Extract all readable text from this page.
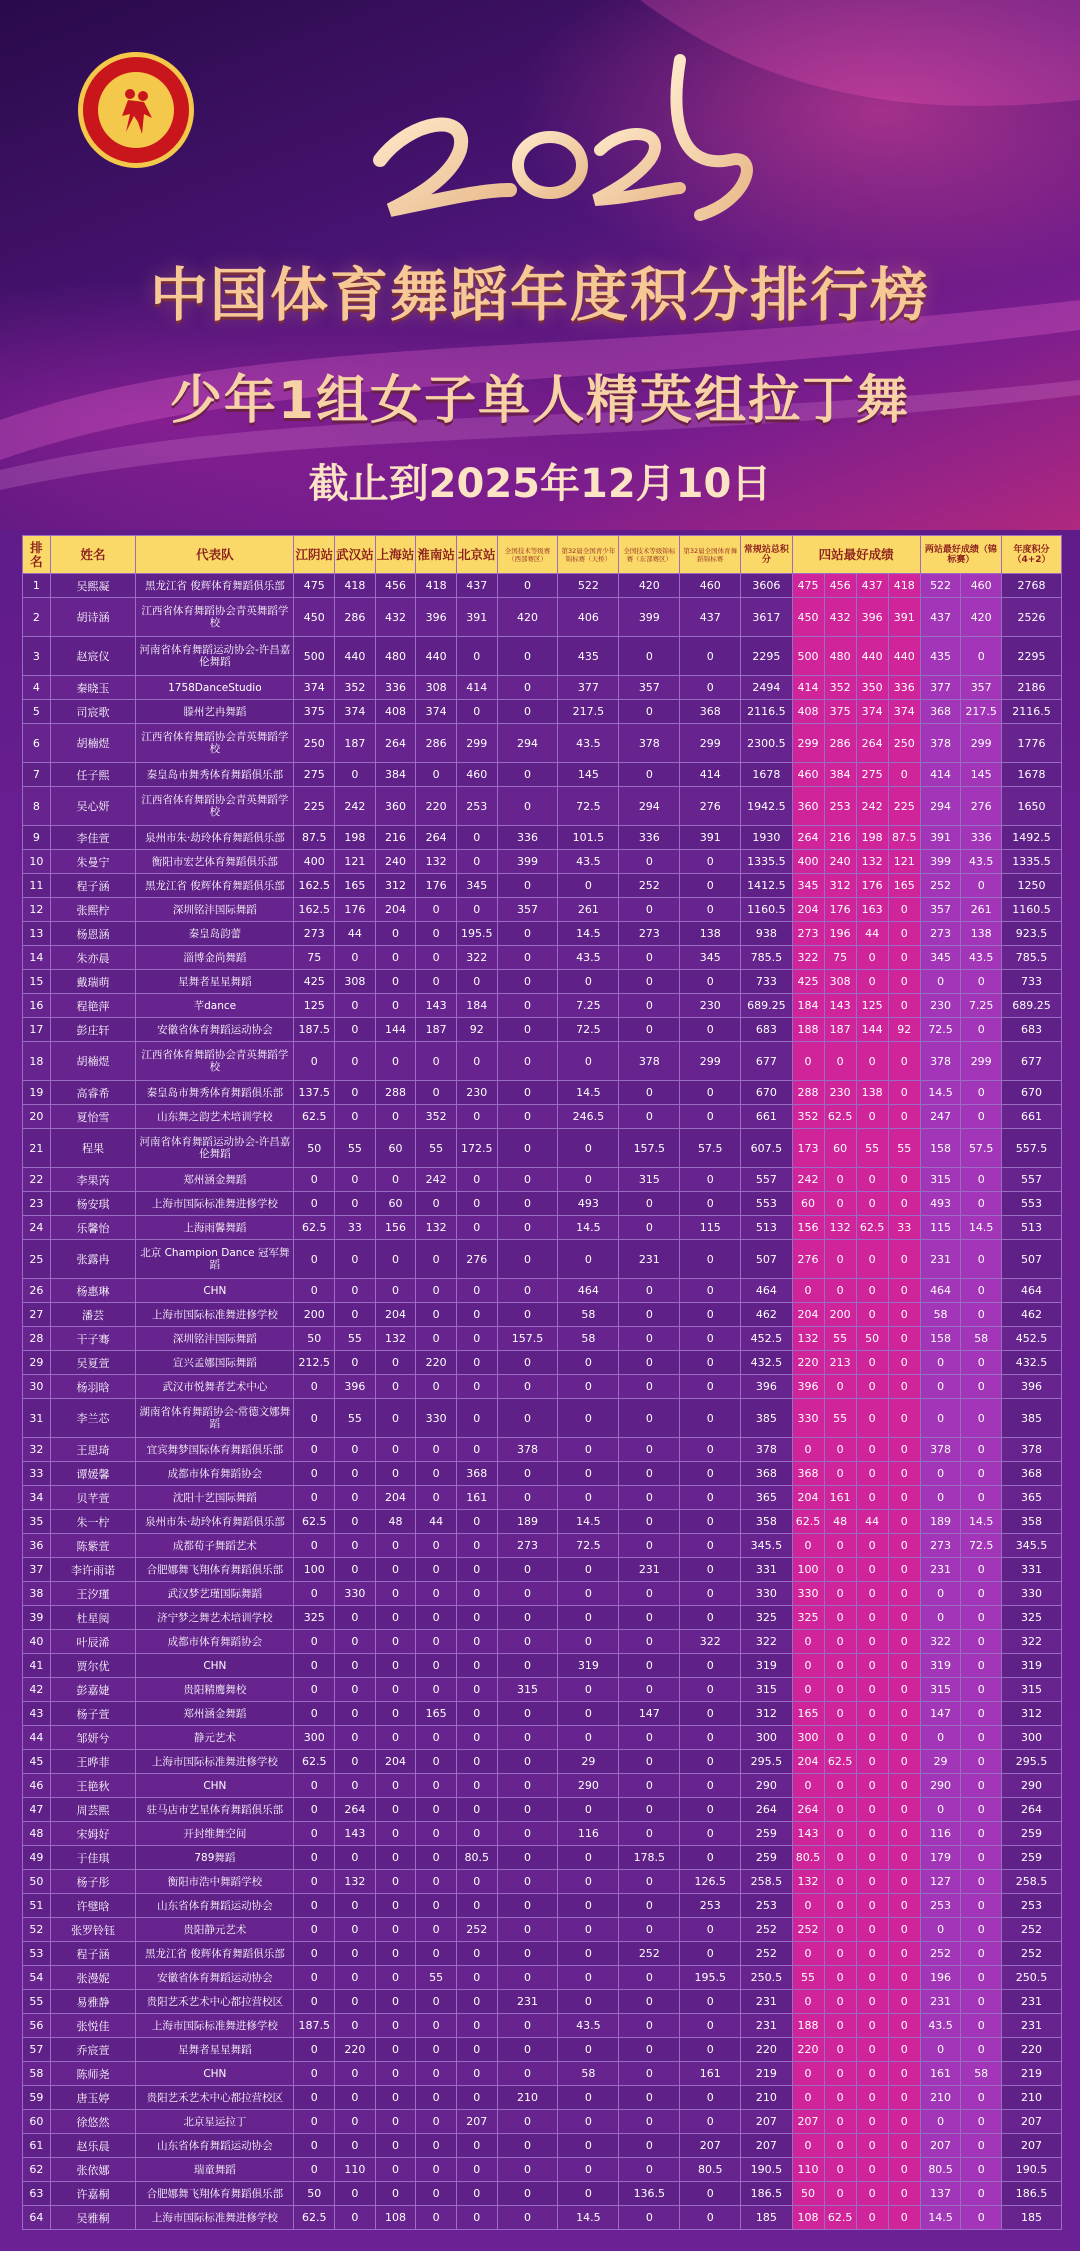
中国体育舞蹈年度积分排行榜
少年1组女子单人精英组拉丁舞
截止到2025年12月10日
排名	姓名	代表队	江阴站	武汉站	上海站	淮南站	北京站	全国技术等级赛（西部赛区）	第32届全国青少年锦标赛（天桥）	全国技术等级锦标赛（东部赛区）	第32届全国体育舞蹈锦标赛	常规站总积分	四站最好成绩				两站最好成绩（锦标赛）		年度积分（4+2）
1	吴熙凝	黑龙江省 俊辉体育舞蹈俱乐部	475	418	456	418	437	0	522	420	460	3606	475	456	437	418	522	460	2768
2	胡诗涵	江西省体育舞蹈协会青英舞蹈学校	450	286	432	396	391	420	406	399	437	3617	450	432	396	391	437	420	2526
3	赵宸仪	河南省体育舞蹈运动协会-许昌嘉伦舞蹈	500	440	480	440	0	0	435	0	0	2295	500	480	440	440	435	0	2295
4	秦晓玉	1758DanceStudio	374	352	336	308	414	0	377	357	0	2494	414	352	350	336	377	357	2186
5	司宸歌	滕州艺冉舞蹈	375	374	408	374	0	0	217.5	0	368	2116.5	408	375	374	374	368	217.5	2116.5
6	胡楠煜	江西省体育舞蹈协会青英舞蹈学校	250	187	264	286	299	294	43.5	378	299	2300.5	299	286	264	250	378	299	1776
7	任子熙	秦皇岛市舞秀体育舞蹈俱乐部	275	0	384	0	460	0	145	0	414	1678	460	384	275	0	414	145	1678
8	吴心妍	江西省体育舞蹈协会青英舞蹈学校	225	242	360	220	253	0	72.5	294	276	1942.5	360	253	242	225	294	276	1650
9	李佳萱	泉州市朱·劫玲体育舞蹈俱乐部	87.5	198	216	264	0	336	101.5	336	391	1930	264	216	198	87.5	391	336	1492.5
10	朱曼宁	衡阳市宏艺体育舞蹈俱乐部	400	121	240	132	0	399	43.5	0	0	1335.5	400	240	132	121	399	43.5	1335.5
11	程子涵	黑龙江省 俊辉体育舞蹈俱乐部	162.5	165	312	176	345	0	0	252	0	1412.5	345	312	176	165	252	0	1250
12	张熙柠	深圳铭沣国际舞蹈	162.5	176	204	0	0	357	261	0	0	1160.5	204	176	163	0	357	261	1160.5
13	杨恩涵	秦皇岛韵蕾	273	44	0	0	195.5	0	14.5	273	138	938	273	196	44	0	273	138	923.5
14	朱亦晨	淄博金尚舞蹈	75	0	0	0	322	0	43.5	0	345	785.5	322	75	0	0	345	43.5	785.5
15	戴瑞萌	星舞者星星舞蹈	425	308	0	0	0	0	0	0	0	733	425	308	0	0	0	0	733
16	程艳萍	芊dance	125	0	0	143	184	0	7.25	0	230	689.25	184	143	125	0	230	7.25	689.25
17	彭庄轩	安徽省体育舞蹈运动协会	187.5	0	144	187	92	0	72.5	0	0	683	188	187	144	92	72.5	0	683
18	胡楠煜	江西省体育舞蹈协会青英舞蹈学校	0	0	0	0	0	0	0	378	299	677	0	0	0	0	378	299	677
19	高睿希	秦皇岛市舞秀体育舞蹈俱乐部	137.5	0	288	0	230	0	14.5	0	0	670	288	230	138	0	14.5	0	670
20	夏怡雪	山东舞之韵艺术培训学校	62.5	0	0	352	0	0	246.5	0	0	661	352	62.5	0	0	247	0	661
21	程果	河南省体育舞蹈运动协会-许昌嘉伦舞蹈	50	55	60	55	172.5	0	0	157.5	57.5	607.5	173	60	55	55	158	57.5	557.5
22	李果芮	郑州涵金舞蹈	0	0	0	242	0	0	0	315	0	557	242	0	0	0	315	0	557
23	杨安琪	上海市国际标准舞进修学校	0	0	60	0	0	0	493	0	0	553	60	0	0	0	493	0	553
24	乐馨怡	上海雨馨舞蹈	62.5	33	156	132	0	0	14.5	0	115	513	156	132	62.5	33	115	14.5	513
25	张露冉	北京 Champion Dance 冠军舞蹈	0	0	0	0	276	0	0	231	0	507	276	0	0	0	231	0	507
26	杨惠琳	CHN	0	0	0	0	0	0	464	0	0	464	0	0	0	0	464	0	464
27	潘芸	上海市国际标准舞进修学校	200	0	204	0	0	0	58	0	0	462	204	200	0	0	58	0	462
28	干子骞	深圳铭沣国际舞蹈	50	55	132	0	0	157.5	58	0	0	452.5	132	55	50	0	158	58	452.5
29	吴夏萱	宣兴孟娜国际舞蹈	212.5	0	0	220	0	0	0	0	0	432.5	220	213	0	0	0	0	432.5
30	杨羽晗	武汉市悦舞者艺术中心	0	396	0	0	0	0	0	0	0	396	396	0	0	0	0	0	396
31	李兰芯	湖南省体育舞蹈协会-常德文娜舞蹈	0	55	0	330	0	0	0	0	0	385	330	55	0	0	0	0	385
32	王思琦	宜宾舞梦国际体育舞蹈俱乐部	0	0	0	0	0	378	0	0	0	378	0	0	0	0	378	0	378
33	谭媛馨	成都市体育舞蹈协会	0	0	0	0	368	0	0	0	0	368	368	0	0	0	0	0	368
34	贝芊萱	沈阳十艺国际舞蹈	0	0	204	0	161	0	0	0	0	365	204	161	0	0	0	0	365
35	朱一柠	泉州市朱·劫玲体育舞蹈俱乐部	62.5	0	48	44	0	189	14.5	0	0	358	62.5	48	44	0	189	14.5	358
36	陈紫萱	成都荀子舞蹈艺术	0	0	0	0	0	273	72.5	0	0	345.5	0	0	0	0	273	72.5	345.5
37	李许雨诺	合肥娜舞飞翔体育舞蹈俱乐部	100	0	0	0	0	0	0	231	0	331	100	0	0	0	231	0	331
38	王汐瑾	武汉梦艺瑾国际舞蹈	0	330	0	0	0	0	0	0	0	330	330	0	0	0	0	0	330
39	杜星阅	济宁梦之舞艺术培训学校	325	0	0	0	0	0	0	0	0	325	325	0	0	0	0	0	325
40	叶辰浠	成都市体育舞蹈协会	0	0	0	0	0	0	0	0	322	322	0	0	0	0	322	0	322
41	贾尔优	CHN	0	0	0	0	0	0	319	0	0	319	0	0	0	0	319	0	319
42	彭嘉婕	贵阳精鹰舞校	0	0	0	0	0	315	0	0	0	315	0	0	0	0	315	0	315
43	杨子萱	郑州涵金舞蹈	0	0	0	165	0	0	0	147	0	312	165	0	0	0	147	0	312
44	邹妍兮	静元艺术	300	0	0	0	0	0	0	0	0	300	300	0	0	0	0	0	300
45	王晔菲	上海市国际标准舞进修学校	62.5	0	204	0	0	0	29	0	0	295.5	204	62.5	0	0	29	0	295.5
46	王艳秋	CHN	0	0	0	0	0	0	290	0	0	290	0	0	0	0	290	0	290
47	周芸熙	驻马店市艺星体育舞蹈俱乐部	0	264	0	0	0	0	0	0	0	264	264	0	0	0	0	0	264
48	宋姆好	开封维舞空间	0	143	0	0	0	0	116	0	0	259	143	0	0	0	116	0	259
49	于佳琪	789舞蹈	0	0	0	0	80.5	0	0	178.5	0	259	80.5	0	0	0	179	0	259
50	杨子彤	衡阳市浩中舞蹈学校	0	132	0	0	0	0	0	0	126.5	258.5	132	0	0	0	127	0	258.5
51	许璧晗	山东省体育舞蹈运动协会	0	0	0	0	0	0	0	0	253	253	0	0	0	0	253	0	253
52	张罗铃钰	贵阳静元艺术	0	0	0	0	252	0	0	0	0	252	252	0	0	0	0	0	252
53	程子涵	黑龙江省 俊辉体育舞蹈俱乐部	0	0	0	0	0	0	0	252	0	252	0	0	0	0	252	0	252
54	张漫妮	安徽省体育舞蹈运动协会	0	0	0	55	0	0	0	0	195.5	250.5	55	0	0	0	196	0	250.5
55	易雅静	贵阳艺禾艺术中心都拉营校区	0	0	0	0	0	231	0	0	0	231	0	0	0	0	231	0	231
56	张悦佳	上海市国际标准舞进修学校	187.5	0	0	0	0	0	43.5	0	0	231	188	0	0	0	43.5	0	231
57	乔宸萱	星舞者星星舞蹈	0	220	0	0	0	0	0	0	0	220	220	0	0	0	0	0	220
58	陈师尧	CHN	0	0	0	0	0	0	58	0	161	219	0	0	0	0	161	58	219
59	唐玉婷	贵阳艺禾艺术中心都拉营校区	0	0	0	0	0	210	0	0	0	210	0	0	0	0	210	0	210
60	徐悠然	北京星运拉丁	0	0	0	0	207	0	0	0	0	207	207	0	0	0	0	0	207
61	赵乐晨	山东省体育舞蹈运动协会	0	0	0	0	0	0	0	0	207	207	0	0	0	0	207	0	207
62	张依娜	瑞童舞蹈	0	110	0	0	0	0	0	0	80.5	190.5	110	0	0	0	80.5	0	190.5
63	许嘉桐	合肥娜舞飞翔体育舞蹈俱乐部	50	0	0	0	0	0	0	136.5	0	186.5	50	0	0	0	137	0	186.5
64	吴雅桐	上海市国际标准舞进修学校	62.5	0	108	0	0	0	14.5	0	0	185	108	62.5	0	0	14.5	0	185
